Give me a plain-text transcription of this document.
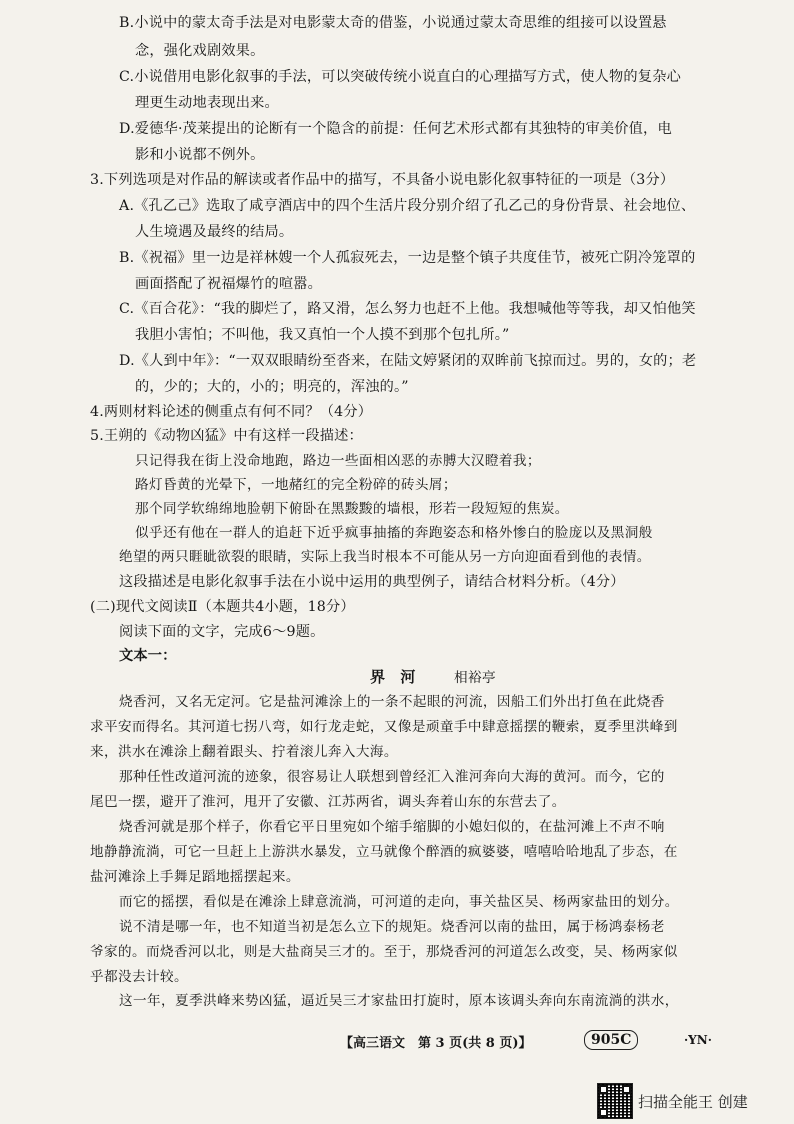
B.小说中的蒙太奇手法是对电影蒙太奇的借鉴，小说通过蒙太奇思维的组接可以设置悬
念，强化戏剧效果。
C.小说借用电影化叙事的手法，可以突破传统小说直白的心理描写方式，使人物的复杂心
理更生动地表现出来。
D.爱德华·茂莱提出的论断有一个隐含的前提：任何艺术形式都有其独特的审美价值，电
影和小说都不例外。
3.下列选项是对作品的解读或者作品中的描写，不具备小说电影化叙事特征的一项是（3分）
A.《孔乙己》选取了咸亨酒店中的四个生活片段分别介绍了孔乙己的身份背景、社会地位、
人生境遇及最终的结局。
B.《祝福》里一边是祥林嫂一个人孤寂死去，一边是整个镇子共度佳节，被死亡阴冷笼罩的
画面搭配了祝福爆竹的喧嚣。
C.《百合花》：“我的脚烂了，路又滑，怎么努力也赶不上他。我想喊他等等我，却又怕他笑
我胆小害怕；不叫他，我又真怕一个人摸不到那个包扎所。”
D.《人到中年》：“一双双眼睛纷至沓来，在陆文婷紧闭的双眸前飞掠而过。男的，女的；老
的，少的；大的，小的；明亮的，浑浊的。”
4.两则材料论述的侧重点有何不同？（4分）
5.王朔的《动物凶猛》中有这样一段描述：
只记得我在街上没命地跑，路边一些面相凶恶的赤膊大汉瞪着我；
路灯昏黄的光晕下，一地赭红的完全粉碎的砖头屑；
那个同学软绵绵地脸朝下俯卧在黑黢黢的墙根，形若一段短短的焦炭。
似乎还有他在一群人的追赶下近乎疯事抽搐的奔跑姿态和格外惨白的脸庞以及黑洞般
绝望的两只睚眦欲裂的眼睛，实际上我当时根本不可能从另一方向迎面看到他的表情。
这段描述是电影化叙事手法在小说中运用的典型例子，请结合材料分析。（4分）
(二)现代文阅读Ⅱ（本题共4小题，18分）
阅读下面的文字，完成6～9题。
文本一：
界　河	相裕亭
烧香河，又名无定河。它是盐河滩涂上的一条不起眼的河流，因船工们外出打鱼在此烧香
求平安而得名。其河道七拐八弯，如行龙走蛇，又像是顽童手中肆意摇摆的鞭索，夏季里洪峰到
来，洪水在滩涂上翻着跟头、拧着滚儿奔入大海。
那种任性改道河流的迹象，很容易让人联想到曾经汇入淮河奔向大海的黄河。而今，它的
尾巴一摆，避开了淮河，甩开了安徽、江苏两省，调头奔着山东的东营去了。
烧香河就是那个样子，你看它平日里宛如个缩手缩脚的小媳妇似的，在盐河滩上不声不响
地静静流淌，可它一旦赶上上游洪水暴发，立马就像个醉酒的疯婆婆，嘻嘻哈哈地乱了步态，在
盐河滩涂上手舞足蹈地摇摆起来。
而它的摇摆，看似是在滩涂上肆意流淌，可河道的走向，事关盐区吴、杨两家盐田的划分。
说不清是哪一年，也不知道当初是怎么立下的规矩。烧香河以南的盐田，属于杨鸿泰杨老
爷家的。而烧香河以北，则是大盐商吴三才的。至于，那烧香河的河道怎么改变，吴、杨两家似
乎都没去计较。
这一年，夏季洪峰来势凶猛，逼近吴三才家盐田打旋时，原本该调头奔向东南流淌的洪水，
【高三语文　第 3 页(共 8 页)】	905C	·YN·
扫描全能王 创建
